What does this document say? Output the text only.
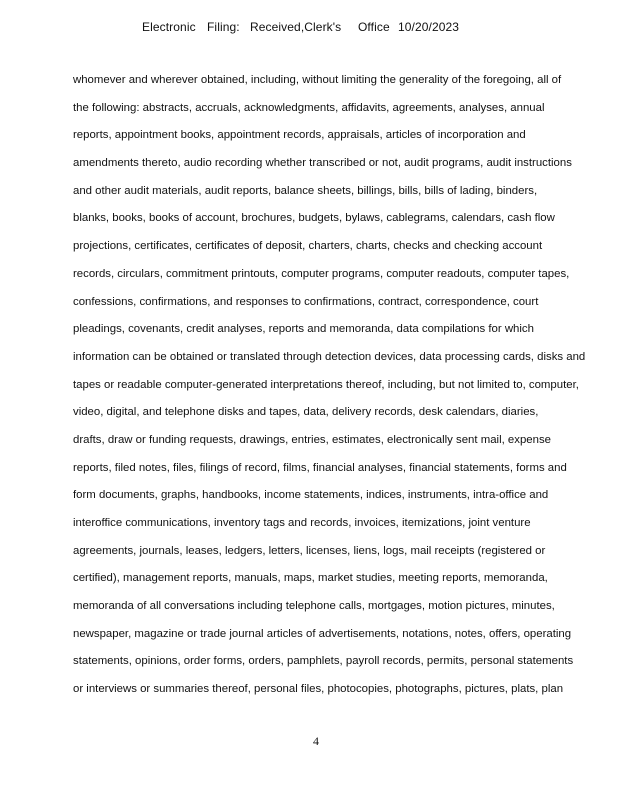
Electronic Filing: Received,Clerk's Office 10/20/2023
whomever and wherever obtained, including, without limiting the generality of the foregoing, all of
the following: abstracts, accruals, acknowledgments, affidavits, agreements, analyses, annual
reports, appointment books, appointment records, appraisals, articles of incorporation and
amendments thereto, audio recording whether transcribed or not, audit programs, audit instructions
and other audit materials, audit reports, balance sheets, billings, bills, bills of lading, binders,
blanks, books, books of account, brochures, budgets, bylaws, cablegrams, calendars, cash flow
projections, certificates, certificates of deposit, charters, charts, checks and checking account
records, circulars, commitment printouts, computer programs, computer readouts, computer tapes,
confessions, confirmations, and responses to confirmations, contract, correspondence, court
pleadings, covenants, credit analyses, reports and memoranda, data compilations for which
information can be obtained or translated through detection devices, data processing cards, disks and
tapes or readable computer-generated interpretations thereof, including, but not limited to, computer,
video, digital, and telephone disks and tapes, data, delivery records, desk calendars, diaries,
drafts, draw or funding requests, drawings, entries, estimates, electronically sent mail, expense
reports, filed notes, files, filings of record, films, financial analyses, financial statements, forms and
form documents, graphs, handbooks, income statements, indices, instruments, intra-office and
interoffice communications, inventory tags and records, invoices, itemizations, joint venture
agreements, journals, leases, ledgers, letters, licenses, liens, logs, mail receipts (registered or
certified), management reports, manuals, maps, market studies, meeting reports, memoranda,
memoranda of all conversations including telephone calls, mortgages, motion pictures, minutes,
newspaper, magazine or trade journal articles of advertisements, notations, notes, offers, operating
statements, opinions, order forms, orders, pamphlets, payroll records, permits, personal statements
or interviews or summaries thereof, personal files, photocopies, photographs, pictures, plats, plan
4
